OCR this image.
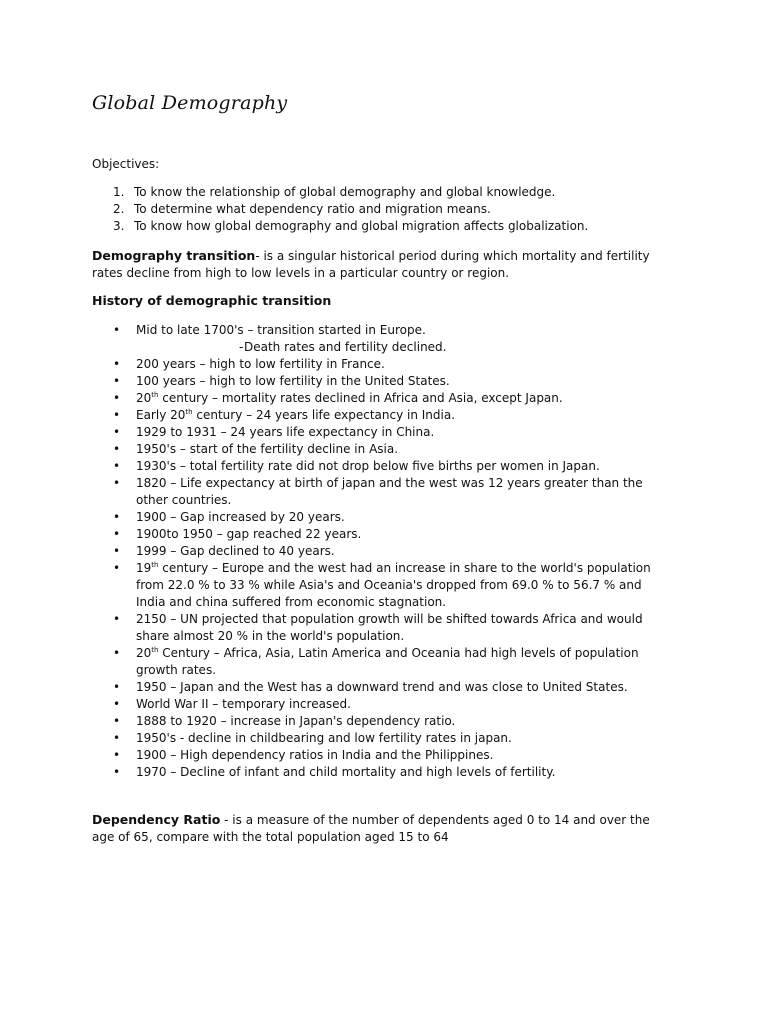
Global Demography

Objectives:

1. To know the relationship of global demography and global knowledge.
2. To determine what dependency ratio and migration means.
3. To know how global demography and global migration affects globalization.

Demography transition- is a singular historical period during which mortality and fertility rates decline from high to low levels in a particular country or region.

History of demographic transition
• Mid to late 1700's – transition started in Europe.
- Death rates and fertility declined.
• 200 years – high to low fertility in France.
• 100 years – high to low fertility in the United States.
• 20th century – mortality rates declined in Africa and Asia, except Japan.
• Early 20th century – 24 years life expectancy in India.
• 1929 to 1931 – 24 years life expectancy in China.
• 1950's – start of the fertility decline in Asia.
• 1930's – total fertility rate did not drop below five births per women in Japan.
• 1820 – Life expectancy at birth of japan and the west was 12 years greater than the other countries.
• 1900 – Gap increased by 20 years.
• 1900to 1950 – gap reached 22 years.
• 1999 – Gap declined to 40 years.
• 19th century – Europe and the west had an increase in share to the world's population from 22.0 % to 33 % while Asia's and Oceania's dropped from 69.0 % to 56.7 % and India and china suffered from economic stagnation.
• 2150 – UN projected that population growth will be shifted towards Africa and would share almost 20 % in the world's population.
• 20th Century – Africa, Asia, Latin America and Oceania had high levels of population growth rates.
• 1950 – Japan and the West has a downward trend and was close to United States.
• World War II – temporary increased.
• 1888 to 1920 – increase in Japan's dependency ratio.
• 1950's - decline in childbearing and low fertility rates in japan.
• 1900 – High dependency ratios in India and the Philippines.
• 1970 – Decline of infant and child mortality and high levels of fertility.

Dependency Ratio - is a measure of the number of dependents aged 0 to 14 and over the age of 65, compare with the total population aged 15 to 64
